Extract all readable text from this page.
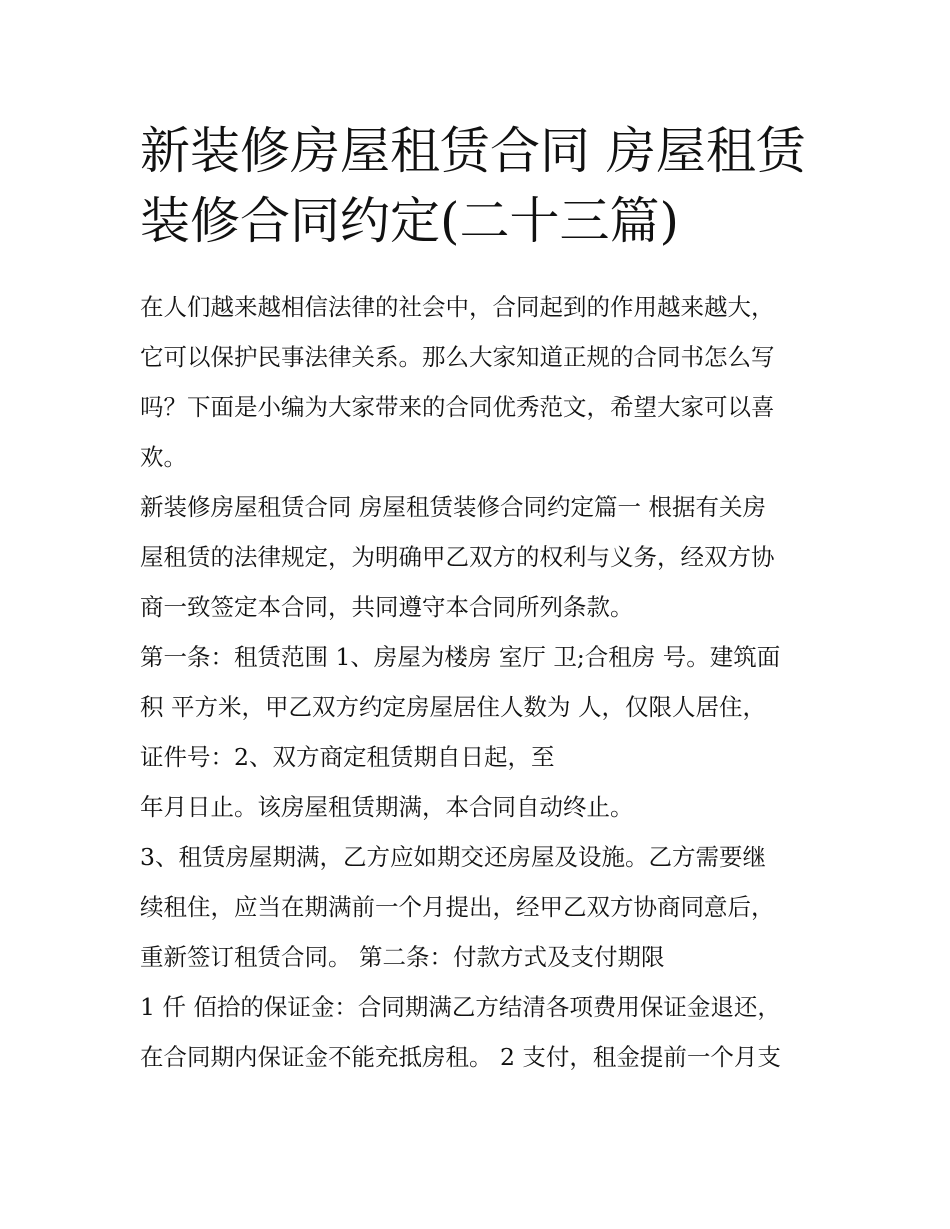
新装修房屋租赁合同 房屋租赁
装修合同约定(二十三篇)

在人们越来越相信法律的社会中，合同起到的作用越来越大，
它可以保护民事法律关系。那么大家知道正规的合同书怎么写
吗？下面是小编为大家带来的合同优秀范文，希望大家可以喜
欢。

新装修房屋租赁合同 房屋租赁装修合同约定篇一 根据有关房
屋租赁的法律规定，为明确甲乙双方的权利与义务，经双方协
商一致签定本合同，共同遵守本合同所列条款。

第一条：租赁范围 1、房屋为楼房 室厅 卫;合租房 号。建筑面
积 平方米，甲乙双方约定房屋居住人数为 人，仅限人居住，
证件号：2、双方商定租赁期自日起，至

年月日止。该房屋租赁期满，本合同自动终止。

3、租赁房屋期满，乙方应如期交还房屋及设施。乙方需要继
续租住，应当在期满前一个月提出，经甲乙双方协商同意后，
重新签订租赁合同。 第二条：付款方式及支付期限

1 仟 佰拾的保证金：合同期满乙方结清各项费用保证金退还，
在合同期内保证金不能充抵房租。 2 支付，租金提前一个月支
